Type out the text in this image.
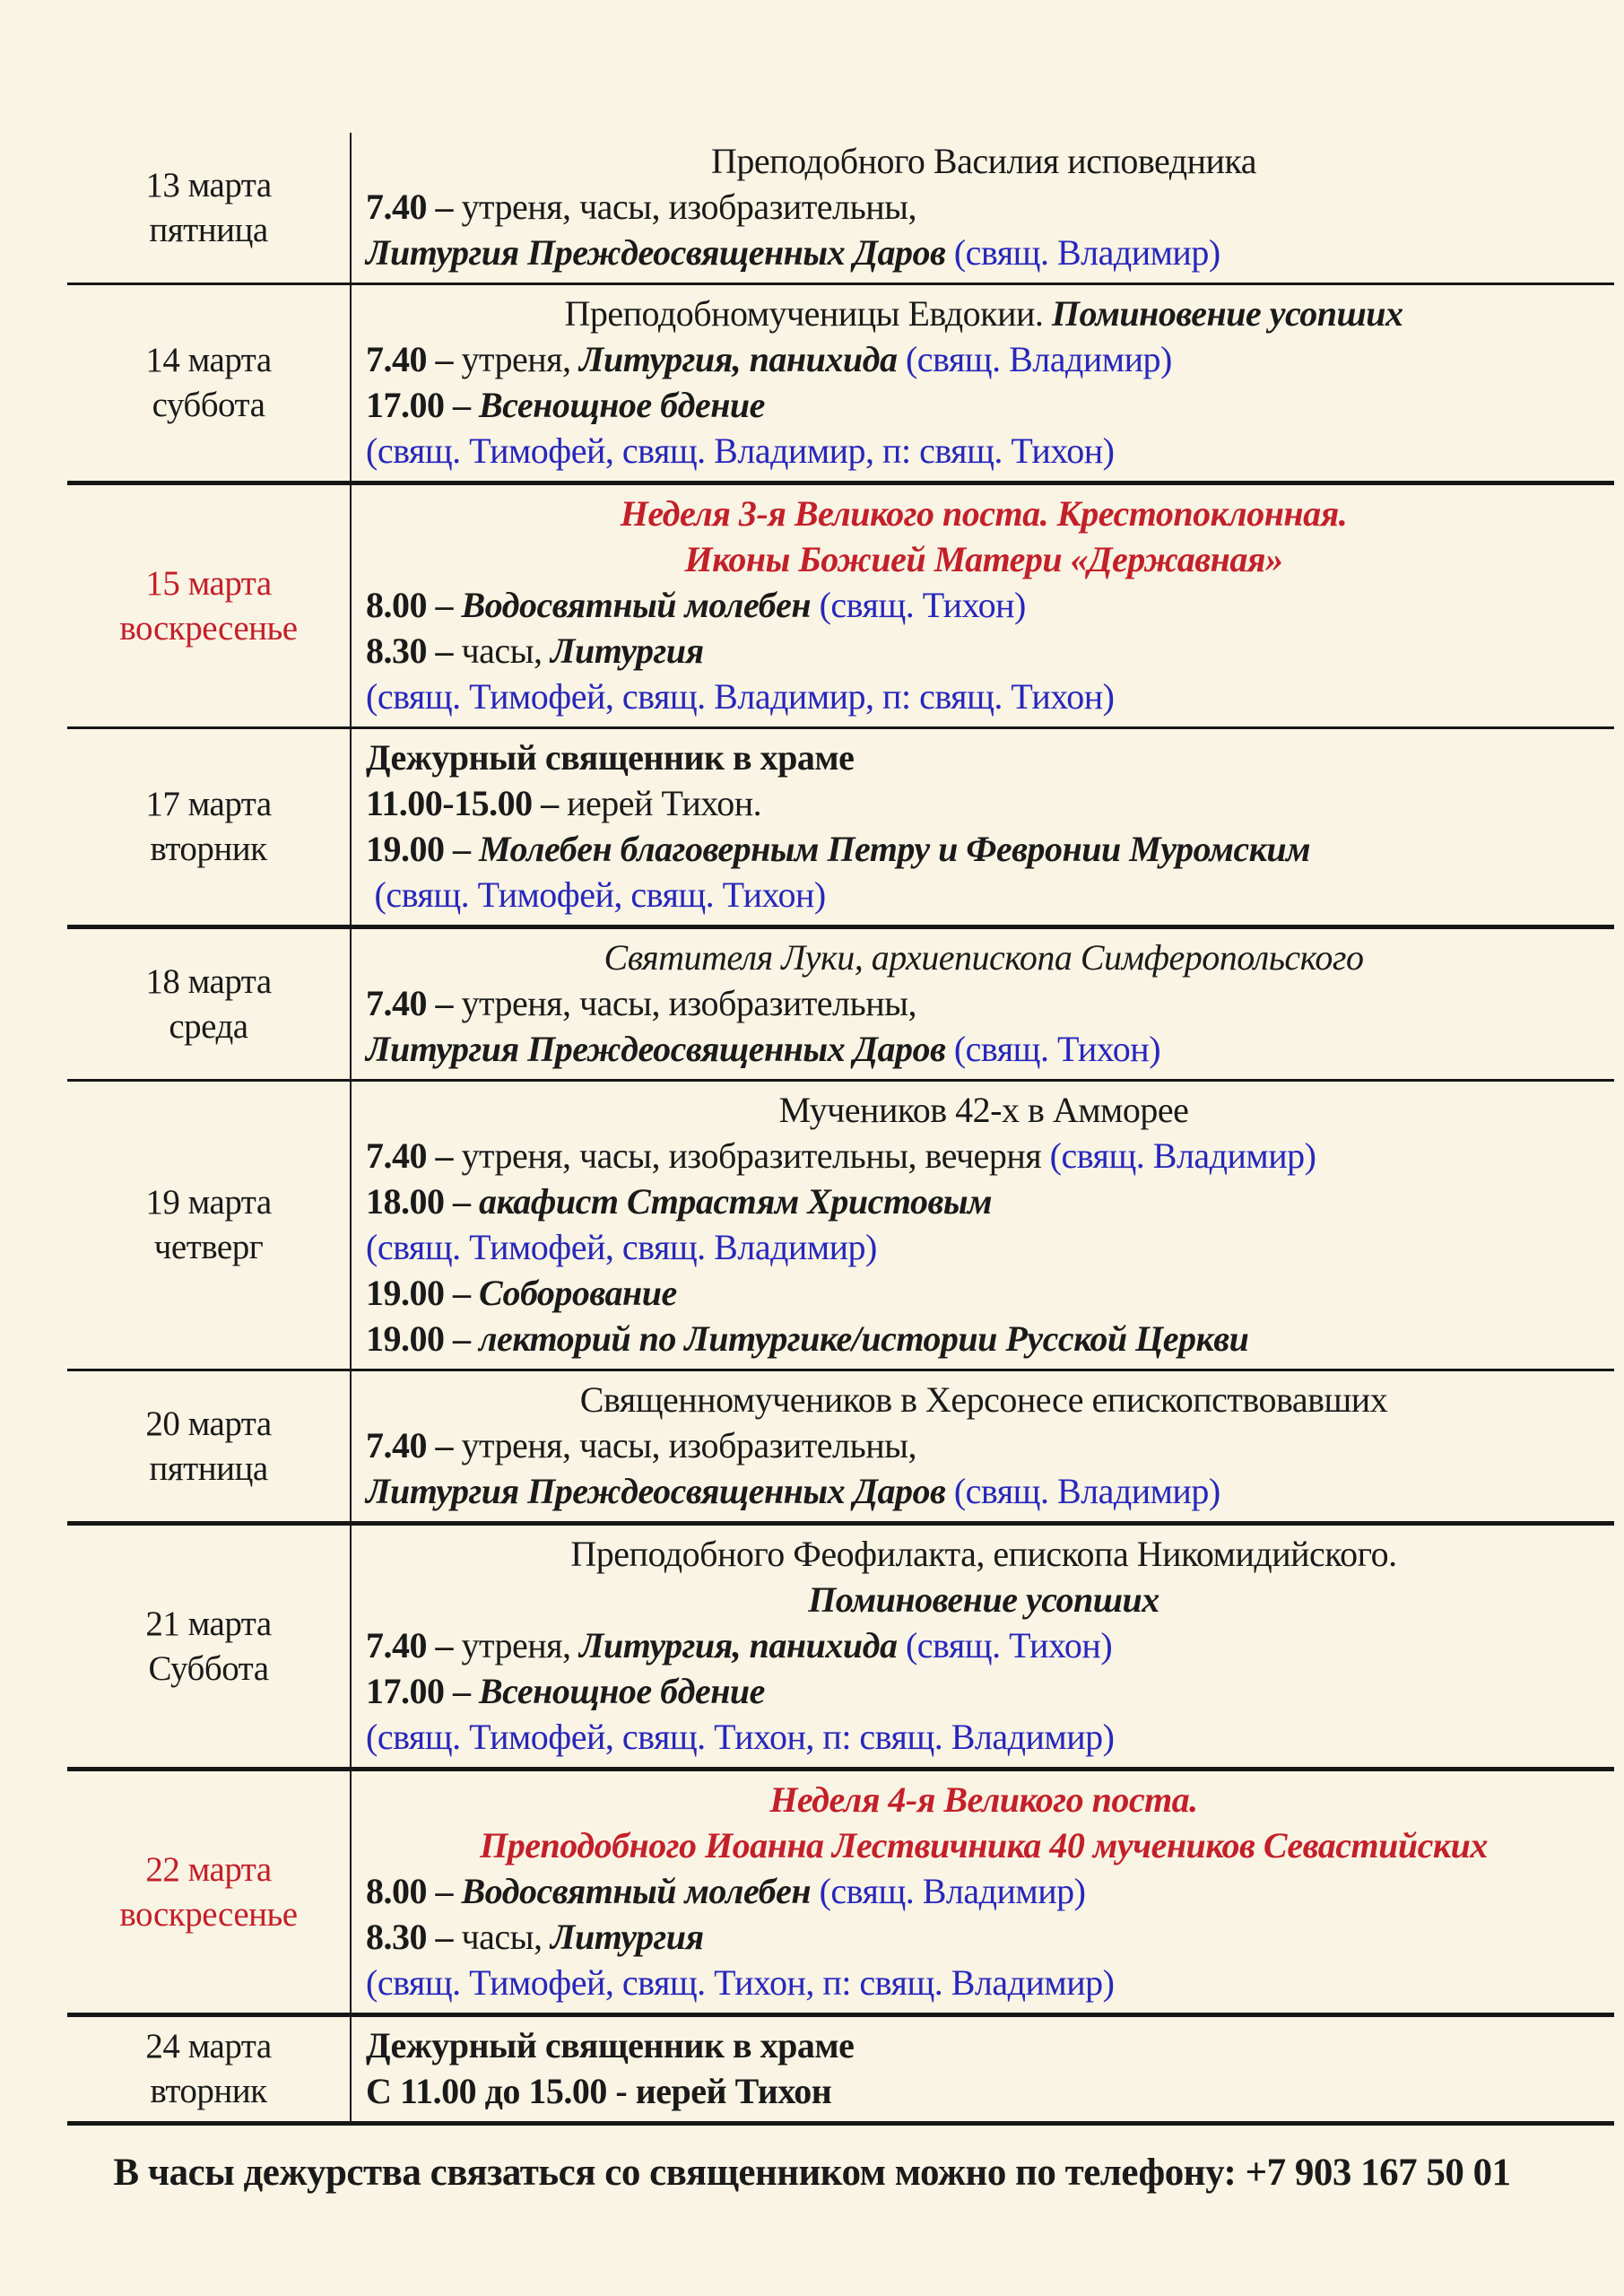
13 марта
пятница
Преподобного Василия исповедника
7.40 – утреня, часы, изобразительны,
Литургия Преждеосвященных Даров (свящ. Владимир)
14 марта
суббота
Преподобномученицы Евдокии. Поминовение усопших
7.40 – утреня, Литургия, панихида (свящ. Владимир)
17.00 – Всенощное бдение
(свящ. Тимофей, свящ. Владимир, п: свящ. Тихон)
15 марта
воскресенье
Неделя 3-я Великого поста. Крестопоклонная.
Иконы Божией Матери «Державная»
8.00 – Водосвятный молебен (свящ. Тихон)
8.30 – часы, Литургия
(свящ. Тимофей, свящ. Владимир, п: свящ. Тихон)
17 марта
вторник
Дежурный священник в храме
11.00-15.00 – иерей Тихон.
19.00 – Молебен благоверным Петру и Февронии Муромским
(свящ. Тимофей, свящ. Тихон)
18 марта
среда
Святителя Луки, архиепископа Симферопольского
7.40 – утреня, часы, изобразительны,
Литургия Преждеосвященных Даров (свящ. Тихон)
19 марта
четверг
Мучеников 42-х в Амморее
7.40 – утреня, часы, изобразительны, вечерня (свящ. Владимир)
18.00 – акафист Страстям Христовым
(свящ. Тимофей, свящ. Владимир)
19.00 – Соборование
19.00 – лекторий по Литургике/истории Русской Церкви
20 марта
пятница
Священномучеников в Херсонесе епископствовавших
7.40 – утреня, часы, изобразительны,
Литургия Преждеосвященных Даров (свящ. Владимир)
21 марта
Суббота
Преподобного Феофилакта, епископа Никомидийского.
Поминовение усопших
7.40 – утреня, Литургия, панихида (свящ. Тихон)
17.00 – Всенощное бдение
(свящ. Тимофей, свящ. Тихон, п: свящ. Владимир)
22 марта
воскресенье
Неделя 4-я Великого поста.
Преподобного Иоанна Лествичника 40 мучеников Севастийских
8.00 – Водосвятный молебен (свящ. Владимир)
8.30 – часы, Литургия
(свящ. Тимофей, свящ. Тихон, п: свящ. Владимир)
24 марта
вторник
Дежурный священник в храме
С 11.00 до 15.00 - иерей Тихон
В часы дежурства связаться со священником можно по телефону: +7 903 167 50 01
